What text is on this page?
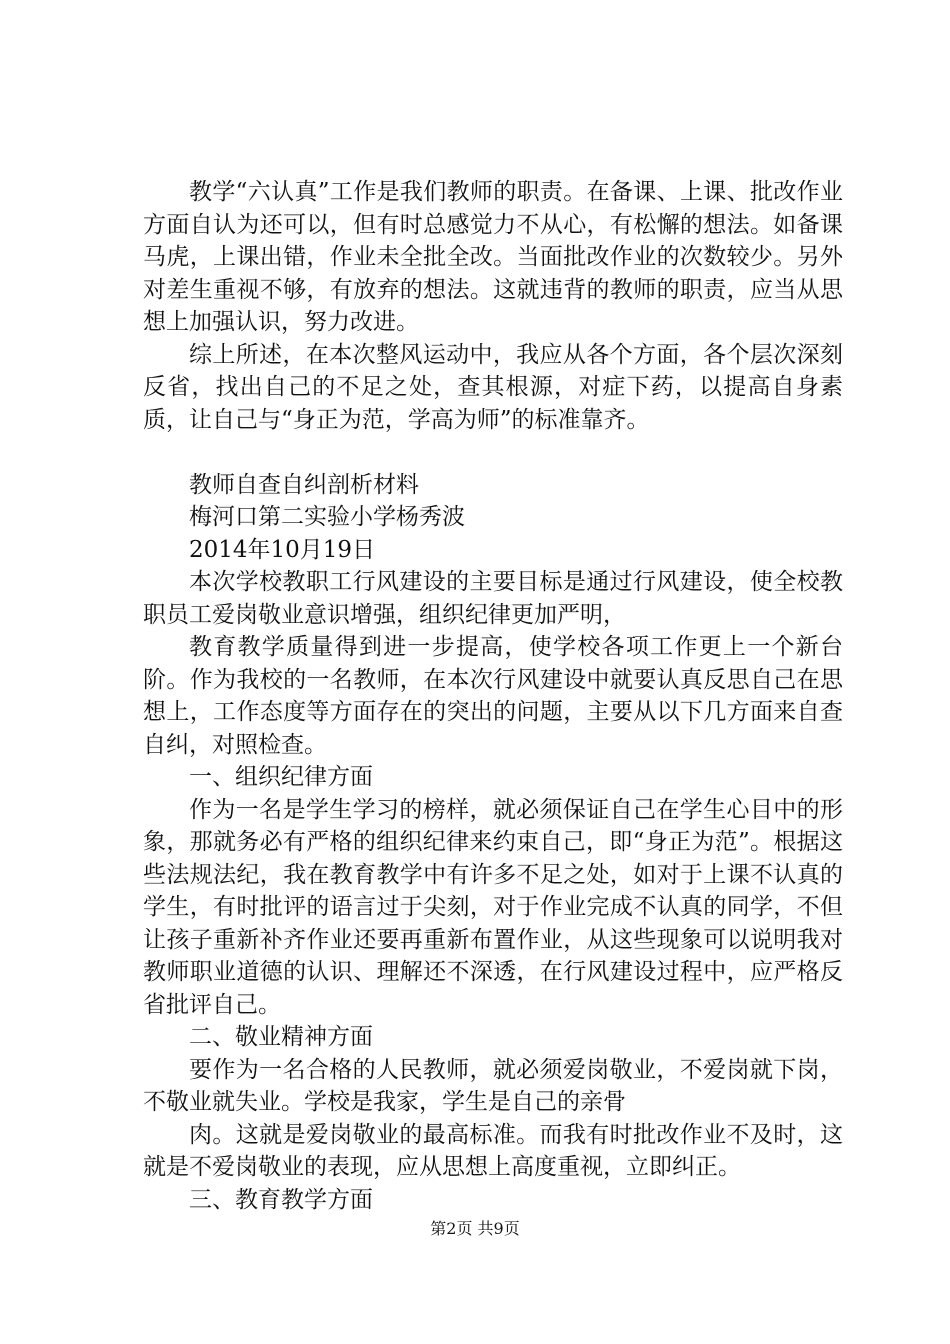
教学“六认真”工作是我们教师的职责。在备课、上课、批改作业方面自认为还可以，但有时总感觉力不从心，有松懈的想法。如备课马虎，上课出错，作业未全批全改。当面批改作业的次数较少。另外对差生重视不够，有放弃的想法。这就违背的教师的职责，应当从思想上加强认识，努力改进。

综上所述，在本次整风运动中，我应从各个方面，各个层次深刻反省，找出自己的不足之处，查其根源，对症下药，以提高自身素质，让自己与“身正为范，学高为师”的标准靠齐。

教师自查自纠剖析材料

梅河口第二实验小学杨秀波

2014年10月19日

本次学校教职工行风建设的主要目标是通过行风建设，使全校教职员工爱岗敬业意识增强，组织纪律更加严明，

教育教学质量得到进一步提高，使学校各项工作更上一个新台阶。作为我校的一名教师，在本次行风建设中就要认真反思自己在思想上，工作态度等方面存在的突出的问题，主要从以下几方面来自查自纠，对照检查。

一、组织纪律方面

作为一名是学生学习的榜样，就必须保证自己在学生心目中的形象，那就务必有严格的组织纪律来约束自己，即“身正为范”。根据这些法规法纪，我在教育教学中有许多不足之处，如对于上课不认真的学生，有时批评的语言过于尖刻，对于作业完成不认真的同学，不但让孩子重新补齐作业还要再重新布置作业，从这些现象可以说明我对教师职业道德的认识、理解还不深透，在行风建设过程中，应严格反省批评自己。

二、敬业精神方面

要作为一名合格的人民教师，就必须爱岗敬业，不爱岗就下岗，不敬业就失业。学校是我家，学生是自己的亲骨

肉。这就是爱岗敬业的最高标准。而我有时批改作业不及时，这就是不爱岗敬业的表现，应从思想上高度重视，立即纠正。

三、教育教学方面

第2页 共9页
